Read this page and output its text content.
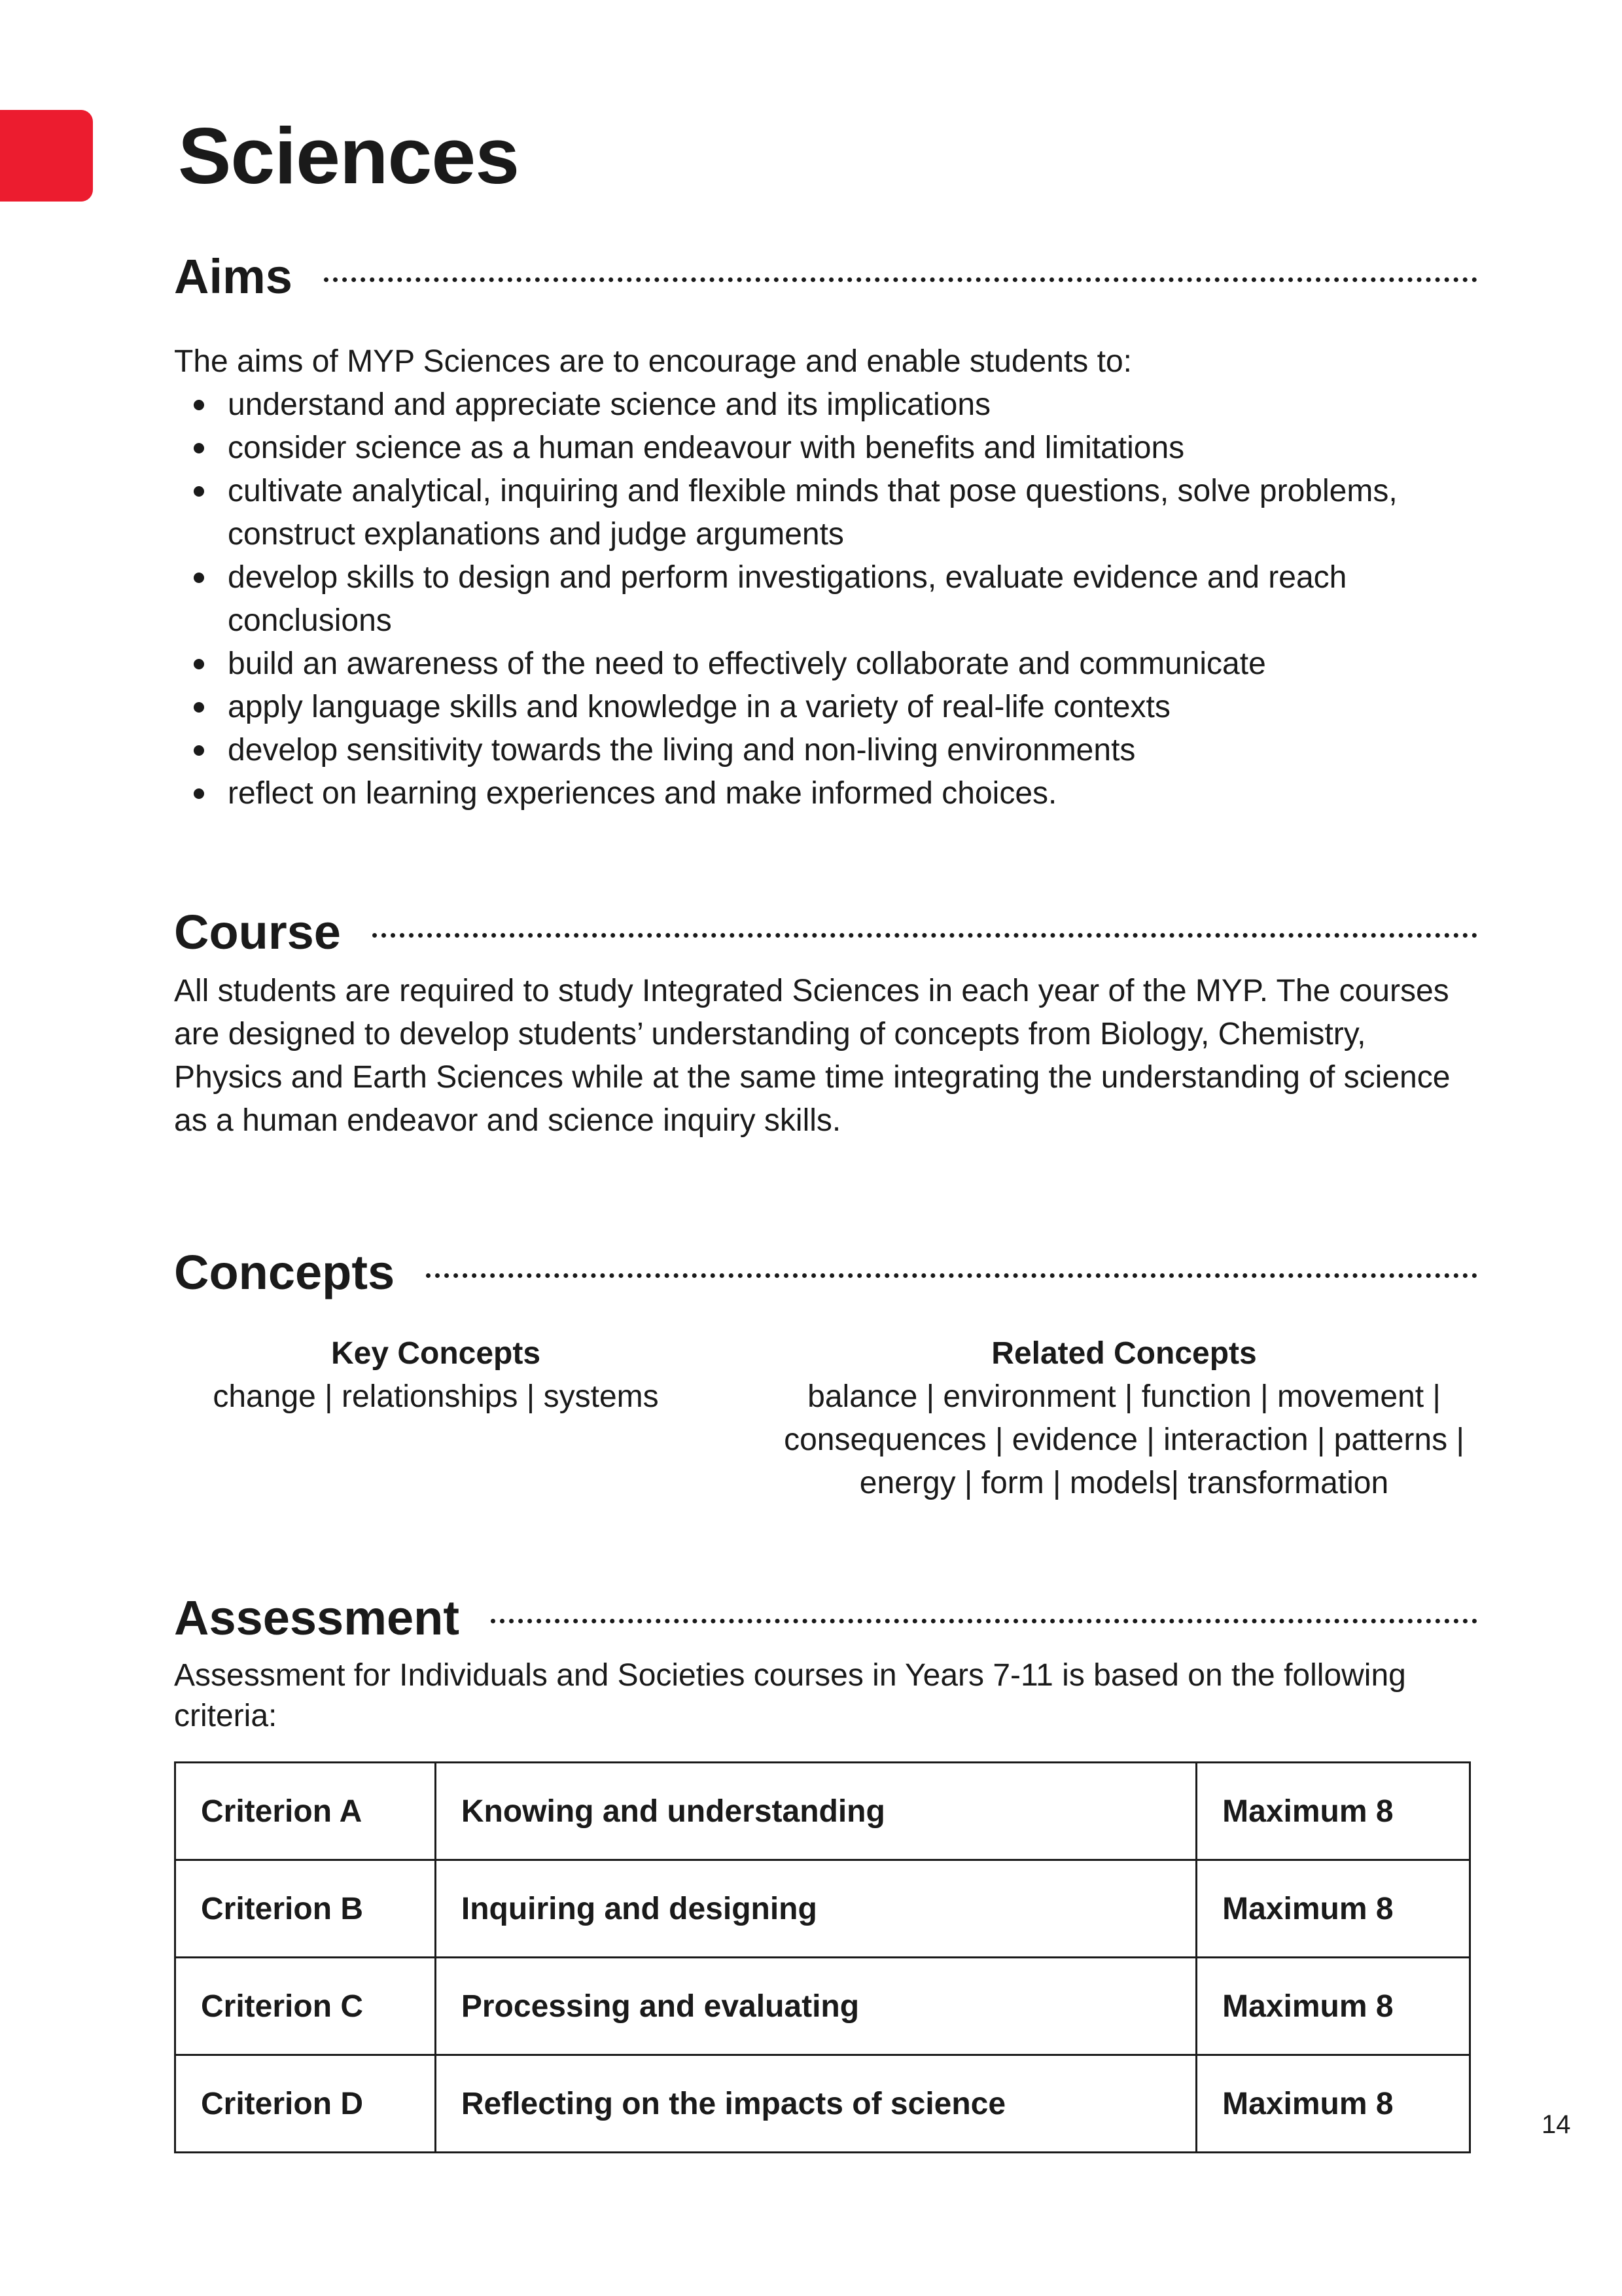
Sciences
Aims

The aims of MYP Sciences are to encourage and enable students to:

understand and appreciate science and its implications
consider science as a human endeavour with benefits and limitations
cultivate analytical, inquiring and flexible minds that pose questions, solve problems, construct explanations and judge arguments
develop skills to design and perform investigations, evaluate evidence and reach conclusions
build an awareness of the need to effectively collaborate and communicate
apply language skills and knowledge in a variety of real-life contexts
develop sensitivity towards the living and non-living environments
reflect on learning experiences and make informed choices.
Course

All students are required to study Integrated Sciences in each year of the MYP. The courses are designed to develop students’ understanding of concepts from Biology, Chemistry, Physics and Earth Sciences while at the same time integrating the understanding of science as a human endeavor and science inquiry skills.

Concepts
Key Concepts
change | relationships | systems
Related Concepts
balance | environment | function | movement |
consequences | evidence | interaction | patterns |
energy | form | models| transformation
Assessment

Assessment for Individuals and Societies courses in Years 7-11 is based on the following criteria:

Criterion A	Knowing and understanding	Maximum 8
Criterion B	Inquiring and designing	Maximum 8
Criterion C	Processing and evaluating	Maximum 8
Criterion D	Reflecting on the impacts of science	Maximum 8
14
